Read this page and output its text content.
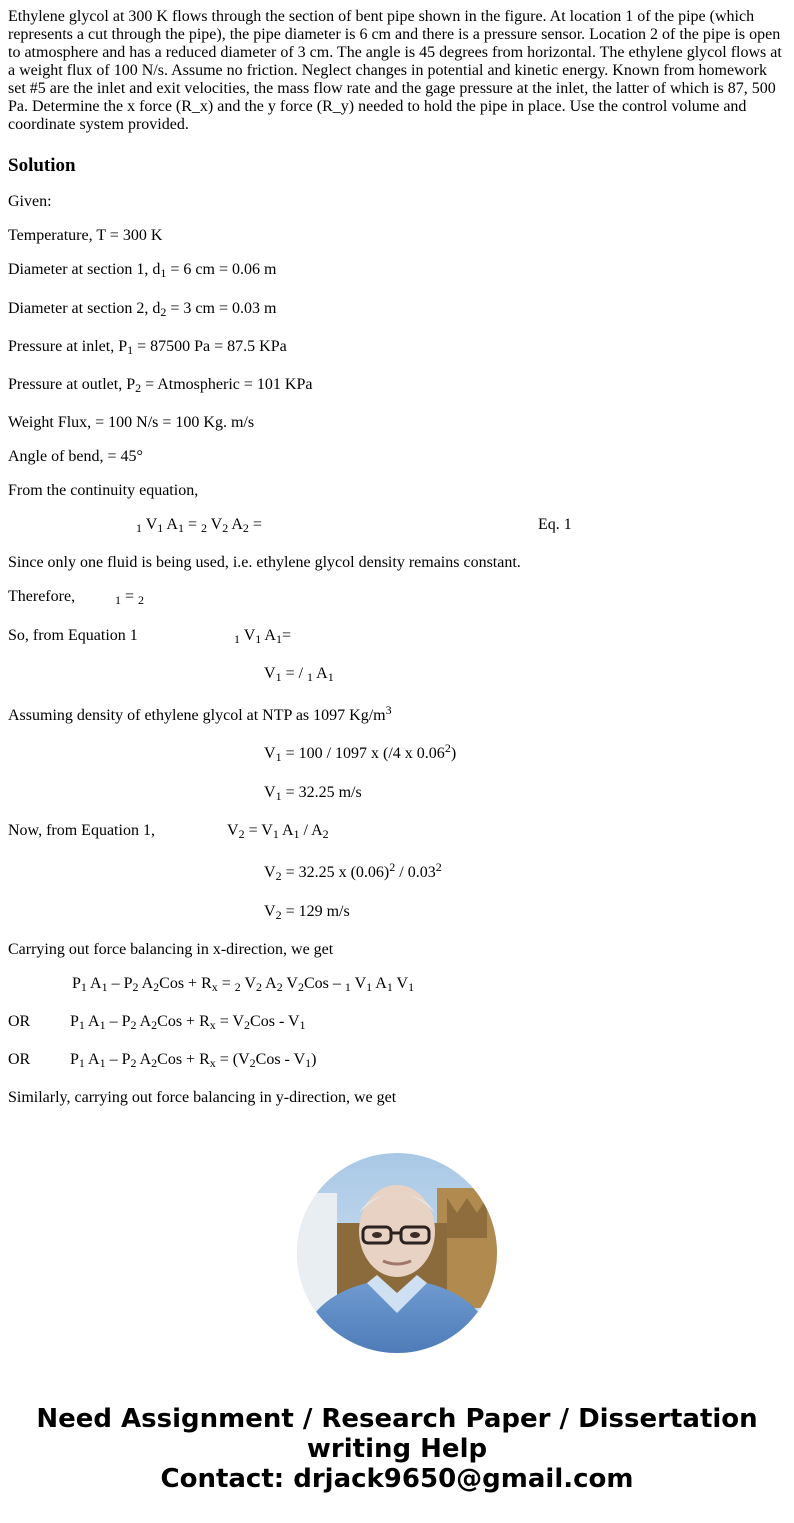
Ethylene glycol at 300 K flows through the section of bent pipe shown in the figure. At location 1 of the pipe (which represents a cut through the pipe), the pipe diameter is 6 cm and there is a pressure sensor. Location 2 of the pipe is open to atmosphere and has a reduced diameter of 3 cm. The angle is 45 degrees from horizontal. The ethylene glycol flows at a weight flux of 100 N/s. Assume no friction. Neglect changes in potential and kinetic energy. Known from homework set #5 are the inlet and exit velocities, the mass flow rate and the gage pressure at the inlet, the latter of which is 87, 500 Pa. Determine the x force (R_x) and the y force (R_y) needed to hold the pipe in place. Use the control volume and coordinate system provided.
Solution

Given:

Temperature, T = 300 K

Diameter at section 1, $d_1 = 6$ cm = 0.06 m

Diameter at section 2, $d_2 = 3$ cm = 0.03 m

Pressure at inlet, $P_1 = 87500$ Pa = 87.5 KPa

Pressure at outlet, $P_2$ = Atmospheric = 101 KPa

Weight Flux, = 100 N/s = 100 Kg. m/s

Angle of bend, = 45°

From the continuity equation,

$_1$ $V_1$ $A_1 = _2$ $V_2$ $A_2$ =	Eq. 1

Since only one fluid is being used, i.e. ethylene glycol density remains constant.

Therefore,	$_1$ = $_2$

So, from Equation 1	$_1$ $V_1$ $A_1=$

$V_1$ = / $_1$ $A_1$

Assuming density of ethylene glycol at NTP as 1097 $Kg/m^3$

$V_1 = 100 / 1097$ x (/4 x 0.06$^2$)

$V_1 = 32.25$ m/s

Now, from Equation 1,	$V_2 = V_1$ $A_1 / A_2$

$V_2 = 32.25$ x $(0.06)^2 / 0.03^2$

$V_2 = 129$ m/s

Carrying out force balancing in x-direction, we get

$P_1$ $A_1 - P_2$ $A_2Cos + R_x = _2$ $V_2$ $A_2$ $V_2Cos - _1$ $V_1$ $A_1$ $V_1$

OR $P_1$ $A_1 - P_2$ $A_2Cos + R_x = V_2Cos - V_1$

OR $P_1$ $A_1 - P_2$ $A_2Cos + R_x = (V_2Cos - V_1)$

Similarly, carrying out force balancing in y-direction, we get

Need Assignment / Research Paper / Dissertation
writing Help
Contact: drjack9650@gmail.com
